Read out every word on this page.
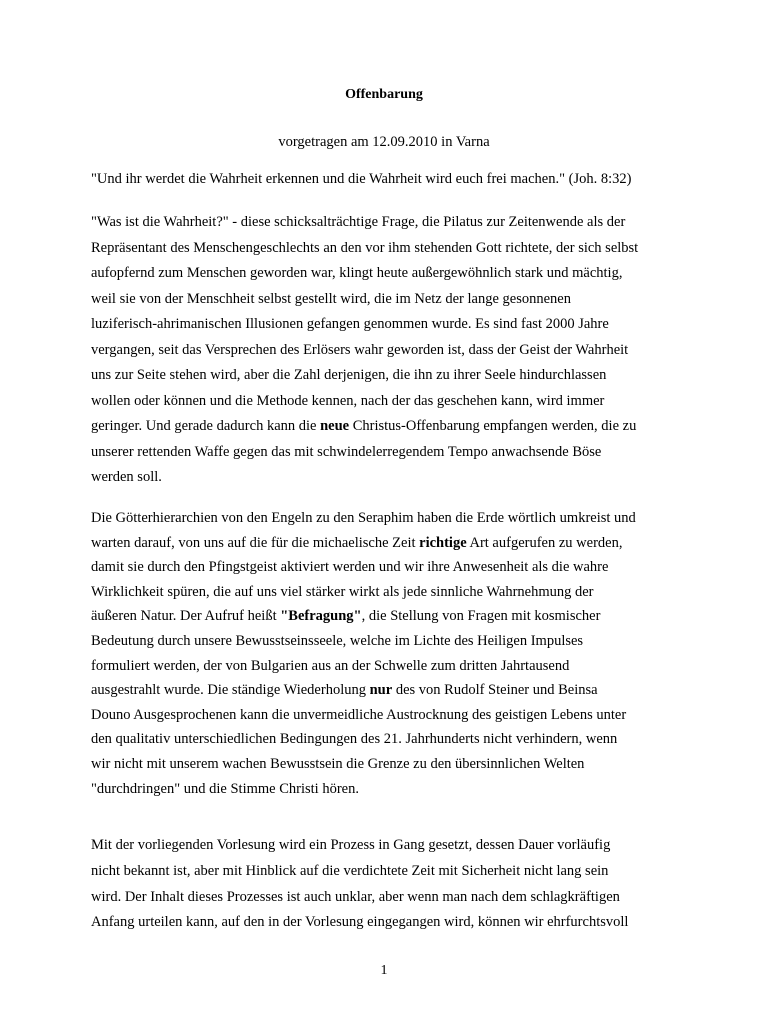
Offenbarung
vorgetragen am 12.09.2010 in Varna
"Und ihr werdet die Wahrheit erkennen und die Wahrheit wird euch frei machen." (Joh. 8:32)
"Was ist die Wahrheit?" - diese schicksalträchtige Frage, die Pilatus zur Zeitenwende als der
Repräsentant des Menschengeschlechts an den vor ihm stehenden Gott richtete, der sich selbst
aufopfernd zum Menschen geworden war, klingt heute außergewöhnlich stark und mächtig,
weil sie von der Menschheit selbst gestellt wird, die im Netz der lange gesonnenen
luziferisch-ahrimanischen Illusionen gefangen genommen wurde. Es sind fast 2000 Jahre
vergangen, seit das Versprechen des Erlösers wahr geworden ist, dass der Geist der Wahrheit
uns zur Seite stehen wird, aber die Zahl derjenigen, die ihn zu ihrer Seele hindurchlassen
wollen oder können und die Methode kennen, nach der das geschehen kann, wird immer
geringer. Und gerade dadurch kann die neue Christus-Offenbarung empfangen werden, die zu
unserer rettenden Waffe gegen das mit schwindelerregendem Tempo anwachsende Böse
werden soll.
Die Götterhierarchien von den Engeln zu den Seraphim haben die Erde wörtlich umkreist und
warten darauf, von uns auf die für die michaelische Zeit richtige Art aufgerufen zu werden,
damit sie durch den Pfingstgeist aktiviert werden und wir ihre Anwesenheit als die wahre
Wirklichkeit spüren, die auf uns viel stärker wirkt als jede sinnliche Wahrnehmung der
äußeren Natur. Der Aufruf heißt "Befragung", die Stellung von Fragen mit kosmischer
Bedeutung durch unsere Bewusstseinsseele, welche im Lichte des Heiligen Impulses
formuliert werden, der von Bulgarien aus an der Schwelle zum dritten Jahrtausend
ausgestrahlt wurde. Die ständige Wiederholung nur des von Rudolf Steiner und Beinsa
Douno Ausgesprochenen kann die unvermeidliche Austrocknung des geistigen Lebens unter
den qualitativ unterschiedlichen Bedingungen des 21. Jahrhunderts nicht verhindern, wenn
wir nicht mit unserem wachen Bewusstsein die Grenze zu den übersinnlichen Welten
"durchdringen" und die Stimme Christi hören.
Mit der vorliegenden Vorlesung wird ein Prozess in Gang gesetzt, dessen Dauer vorläufig
nicht bekannt ist, aber mit Hinblick auf die verdichtete Zeit mit Sicherheit nicht lang sein
wird. Der Inhalt dieses Prozesses ist auch unklar, aber wenn man nach dem schlagkräftigen
Anfang urteilen kann, auf den in der Vorlesung eingegangen wird, können wir ehrfurchtsvoll
1
